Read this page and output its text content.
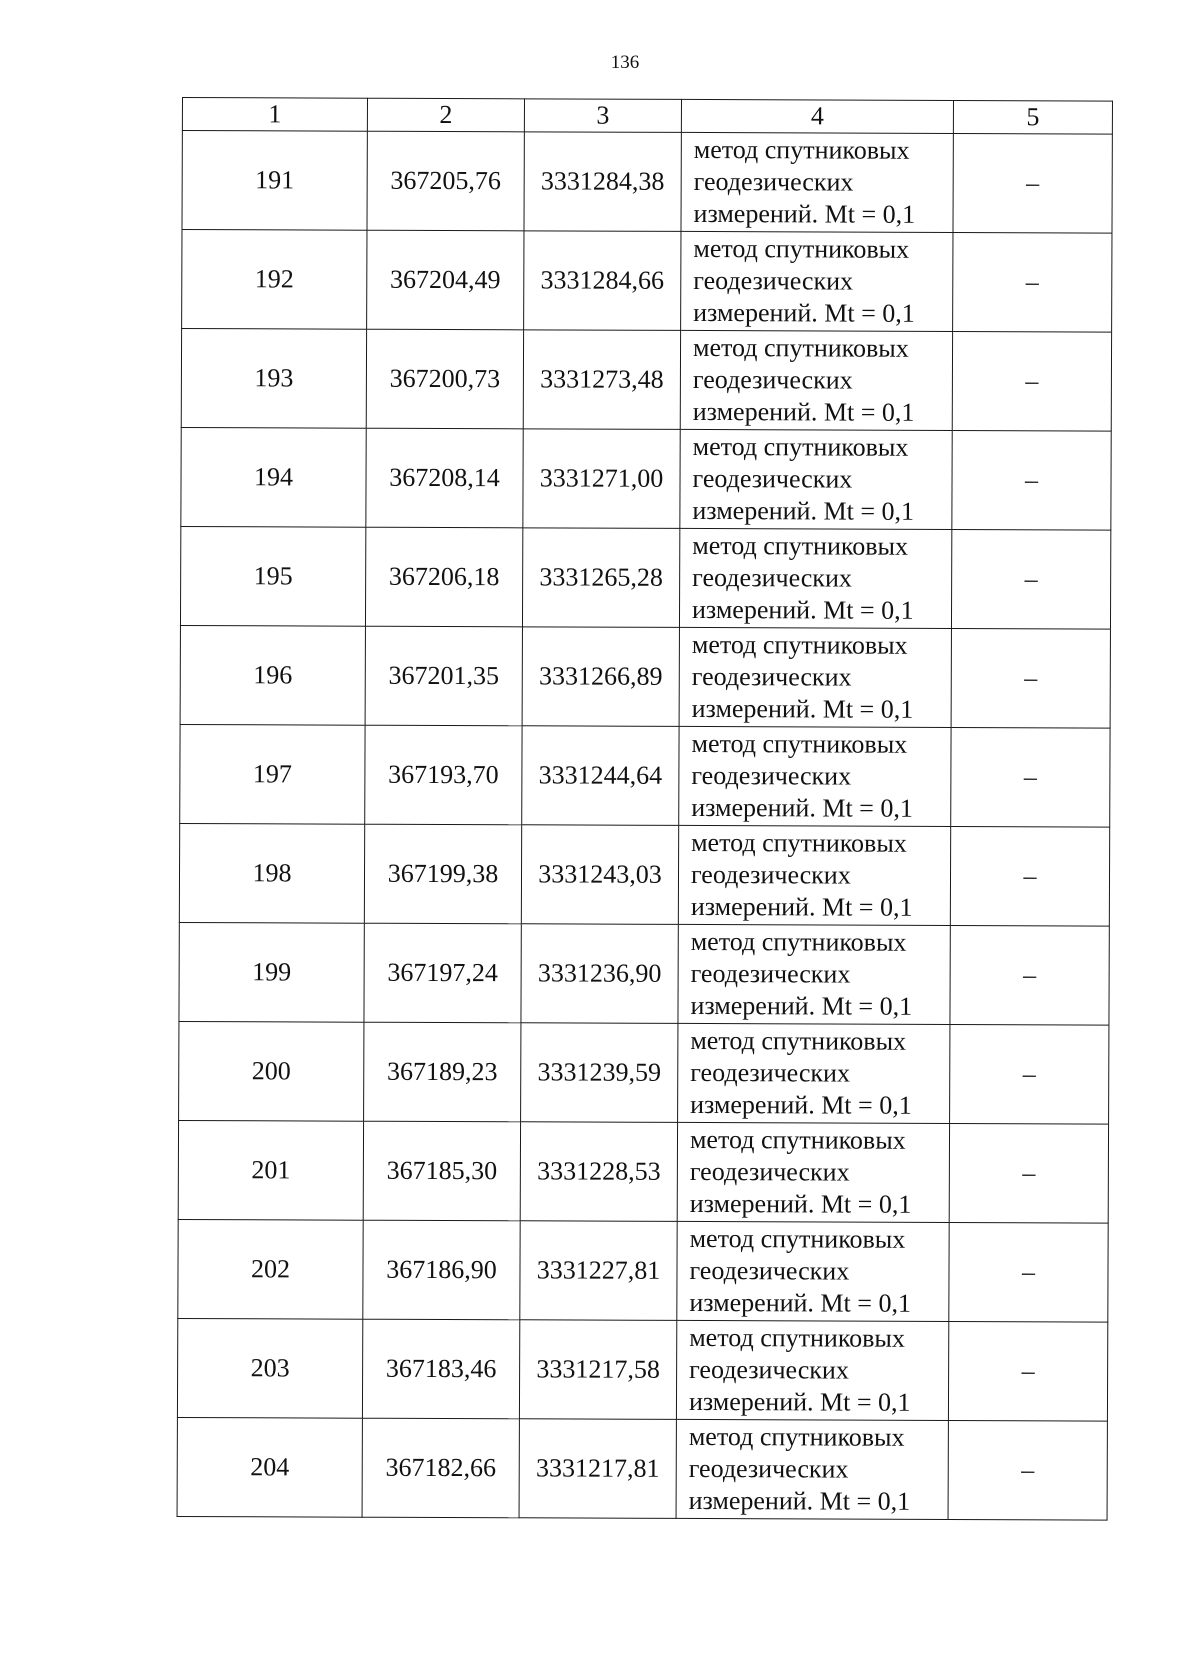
136
1	2	3	4	5
191	367205,76	3331284,38	метод спутниковых
геодезических
измерений. Mt = 0,1	–
192	367204,49	3331284,66	метод спутниковых
геодезических
измерений. Mt = 0,1	–
193	367200,73	3331273,48	метод спутниковых
геодезических
измерений. Mt = 0,1	–
194	367208,14	3331271,00	метод спутниковых
геодезических
измерений. Mt = 0,1	–
195	367206,18	3331265,28	метод спутниковых
геодезических
измерений. Mt = 0,1	–
196	367201,35	3331266,89	метод спутниковых
геодезических
измерений. Mt = 0,1	–
197	367193,70	3331244,64	метод спутниковых
геодезических
измерений. Mt = 0,1	–
198	367199,38	3331243,03	метод спутниковых
геодезических
измерений. Mt = 0,1	–
199	367197,24	3331236,90	метод спутниковых
геодезических
измерений. Mt = 0,1	–
200	367189,23	3331239,59	метод спутниковых
геодезических
измерений. Mt = 0,1	–
201	367185,30	3331228,53	метод спутниковых
геодезических
измерений. Mt = 0,1	–
202	367186,90	3331227,81	метод спутниковых
геодезических
измерений. Mt = 0,1	–
203	367183,46	3331217,58	метод спутниковых
геодезических
измерений. Mt = 0,1	–
204	367182,66	3331217,81	метод спутниковых
геодезических
измерений. Mt = 0,1	–
